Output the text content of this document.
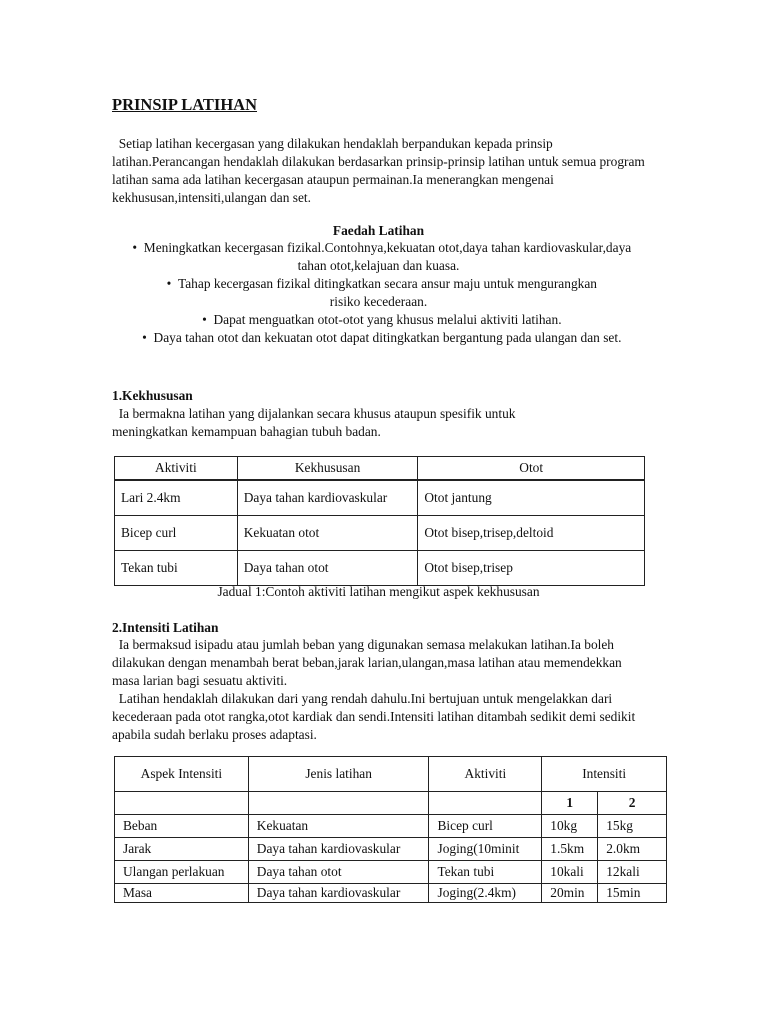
PRINSIP LATIHAN

Setiap latihan kecergasan yang dilakukan hendaklah berpandukan kepada prinsip latihan.Perancangan hendaklah dilakukan berdasarkan prinsip-prinsip latihan untuk semua program latihan sama ada latihan kecergasan ataupun permainan.Ia menerangkan mengenai kekhususan,intensiti,ulangan dan set.

Faedah Latihan

• Meningkatkan kecergasan fizikal.Contohnya,kekuatan otot,daya tahan kardiovaskular,daya tahan otot,kelajuan dan kuasa.

• Tahap kecergasan fizikal ditingkatkan secara ansur maju untuk mengurangkan risiko kecederaan.

• Dapat menguatkan otot-otot yang khusus melalui aktiviti latihan.

• Daya tahan otot dan kekuatan otot dapat ditingkatkan bergantung pada ulangan dan set.

1.Kekhususan

Ia bermakna latihan yang dijalankan secara khusus ataupun spesifik untuk meningkatkan kemampuan bahagian tubuh badan.

Aktiviti	Kekhususan	Otot
Lari 2.4km	Daya tahan kardiovaskular	Otot jantung
Bicep curl	Kekuatan otot	Otot bisep,trisep,deltoid
Tekan tubi	Daya tahan otot	Otot bisep,trisep
Jadual 1:Contoh aktiviti latihan mengikut aspek kekhususan
2.Intensiti Latihan

Ia bermaksud isipadu atau jumlah beban yang digunakan semasa melakukan latihan.Ia boleh dilakukan dengan menambah berat beban,jarak larian,ulangan,masa latihan atau memendekkan masa larian bagi sesuatu aktiviti.

Latihan hendaklah dilakukan dari yang rendah dahulu.Ini bertujuan untuk mengelakkan dari kecederaan pada otot rangka,otot kardiak dan sendi.Intensiti latihan ditambah sedikit demi sedikit apabila sudah berlaku proses adaptasi.

Aspek Intensiti	Jenis latihan	Aktiviti	Intensiti	
			1	2
Beban	Kekuatan	Bicep curl	10kg	15kg
Jarak	Daya tahan kardiovaskular	Joging(10minit	1.5km	2.0km
Ulangan perlakuan	Daya tahan otot	Tekan tubi	10kali	12kali
Masa	Daya tahan kardiovaskular	Joging(2.4km)	20min	15min
